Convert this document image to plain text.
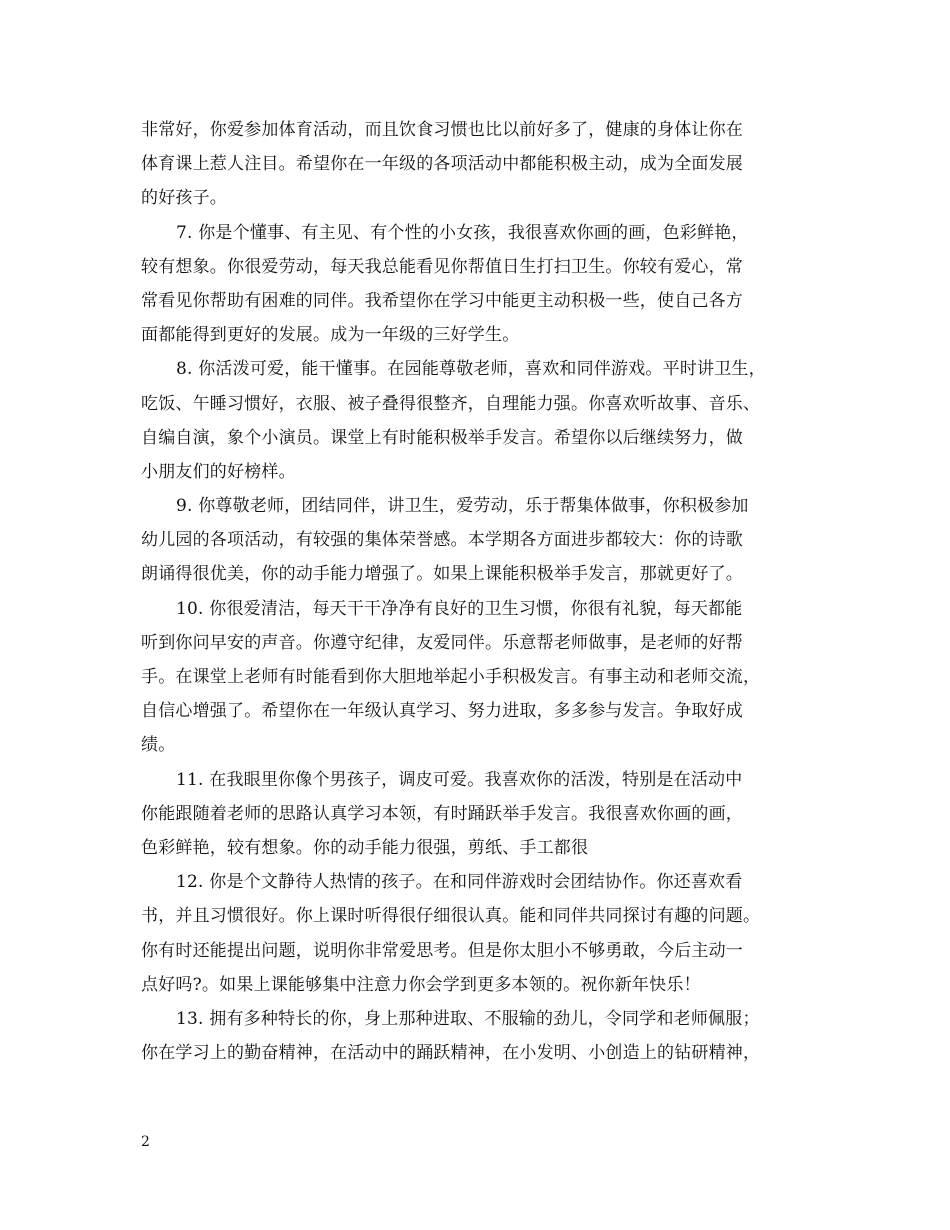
非常好，你爱参加体育活动，而且饮食习惯也比以前好多了，健康的身体让你在
体育课上惹人注目。希望你在一年级的各项活动中都能积极主动，成为全面发展
的好孩子。
7. 你是个懂事、有主见、有个性的小女孩，我很喜欢你画的画，色彩鲜艳，
较有想象。你很爱劳动，每天我总能看见你帮值日生打扫卫生。你较有爱心，常
常看见你帮助有困难的同伴。我希望你在学习中能更主动积极一些，使自己各方
面都能得到更好的发展。成为一年级的三好学生。
8. 你活泼可爱，能干懂事。在园能尊敬老师，喜欢和同伴游戏。平时讲卫生，
吃饭、午睡习惯好，衣服、被子叠得很整齐，自理能力强。你喜欢听故事、音乐、
自编自演，象个小演员。课堂上有时能积极举手发言。希望你以后继续努力，做
小朋友们的好榜样。
9. 你尊敬老师，团结同伴，讲卫生，爱劳动，乐于帮集体做事，你积极参加
幼儿园的各项活动，有较强的集体荣誉感。本学期各方面进步都较大：你的诗歌
朗诵得很优美，你的动手能力增强了。如果上课能积极举手发言，那就更好了。
10. 你很爱清洁，每天干干净净有良好的卫生习惯，你很有礼貌，每天都能
听到你问早安的声音。你遵守纪律，友爱同伴。乐意帮老师做事，是老师的好帮
手。在课堂上老师有时能看到你大胆地举起小手积极发言。有事主动和老师交流，
自信心增强了。希望你在一年级认真学习、努力进取，多多参与发言。争取好成
绩。
11. 在我眼里你像个男孩子，调皮可爱。我喜欢你的活泼，特别是在活动中
你能跟随着老师的思路认真学习本领，有时踊跃举手发言。我很喜欢你画的画，
色彩鲜艳，较有想象。你的动手能力很强，剪纸、手工都很
12. 你是个文静待人热情的孩子。在和同伴游戏时会团结协作。你还喜欢看
书，并且习惯很好。你上课时听得很仔细很认真。能和同伴共同探讨有趣的问题。
你有时还能提出问题，说明你非常爱思考。但是你太胆小不够勇敢，今后主动一
点好吗?。如果上课能够集中注意力你会学到更多本领的。祝你新年快乐！
13. 拥有多种特长的你，身上那种进取、不服输的劲儿，令同学和老师佩服；
你在学习上的勤奋精神，在活动中的踊跃精神，在小发明、小创造上的钻研精神，
2
